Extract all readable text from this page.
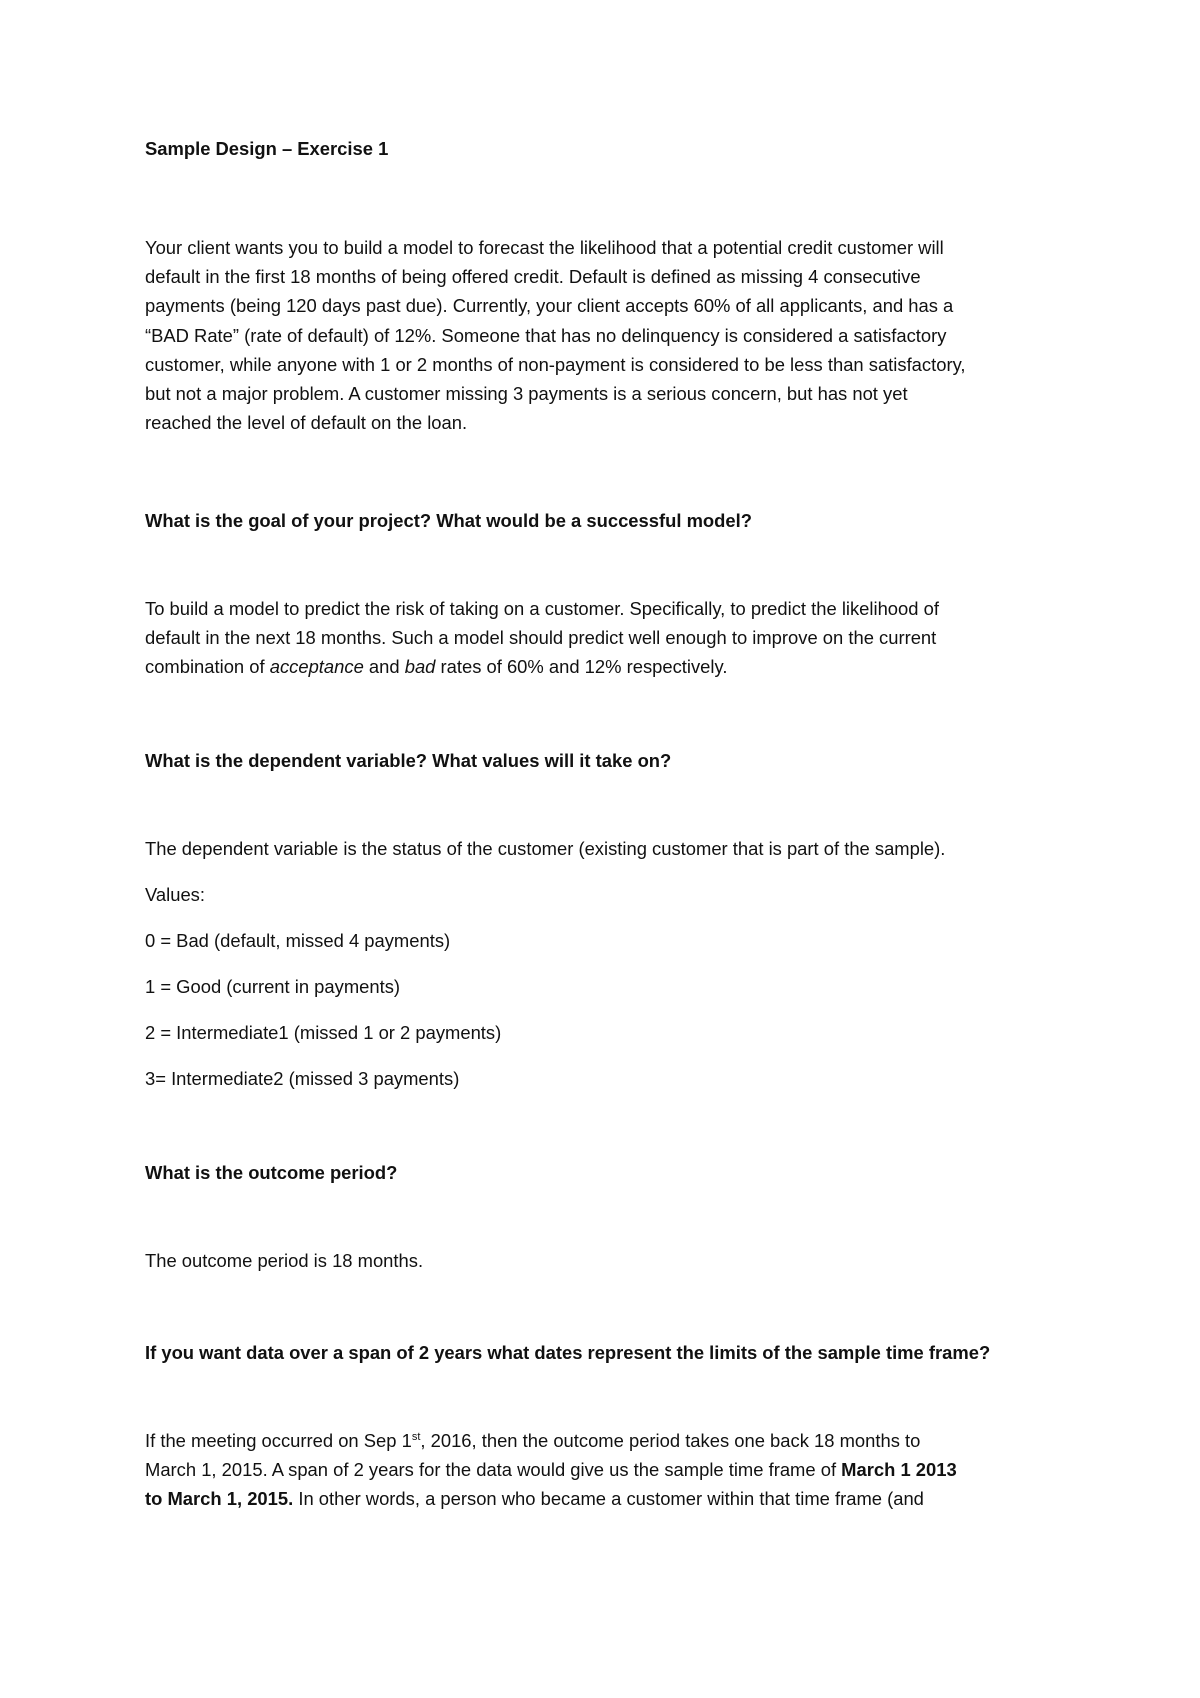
Sample Design – Exercise 1

Your client wants you to build a model to forecast the likelihood that a potential credit customer will
default in the first 18 months of being offered credit. Default is defined as missing 4 consecutive
payments (being 120 days past due). Currently, your client accepts 60% of all applicants, and has a
“BAD Rate” (rate of default) of 12%. Someone that has no delinquency is considered a satisfactory
customer, while anyone with 1 or 2 months of non-payment is considered to be less than satisfactory,
but not a major problem. A customer missing 3 payments is a serious concern, but has not yet
reached the level of default on the loan.

What is the goal of your project? What would be a successful model?

To build a model to predict the risk of taking on a customer. Specifically, to predict the likelihood of
default in the next 18 months. Such a model should predict well enough to improve on the current
combination of acceptance and bad rates of 60% and 12% respectively.

What is the dependent variable? What values will it take on?

The dependent variable is the status of the customer (existing customer that is part of the sample).

Values:

0 = Bad (default, missed 4 payments)

1 = Good (current in payments)

2 = Intermediate1 (missed 1 or 2 payments)

3= Intermediate2 (missed 3 payments)

What is the outcome period?

The outcome period is 18 months.

If you want data over a span of 2 years what dates represent the limits of the sample time frame?

If the meeting occurred on Sep 1st, 2016, then the outcome period takes one back 18 months to
March 1, 2015. A span of 2 years for the data would give us the sample time frame of March 1 2013
to March 1, 2015. In other words, a person who became a customer within that time frame (and
